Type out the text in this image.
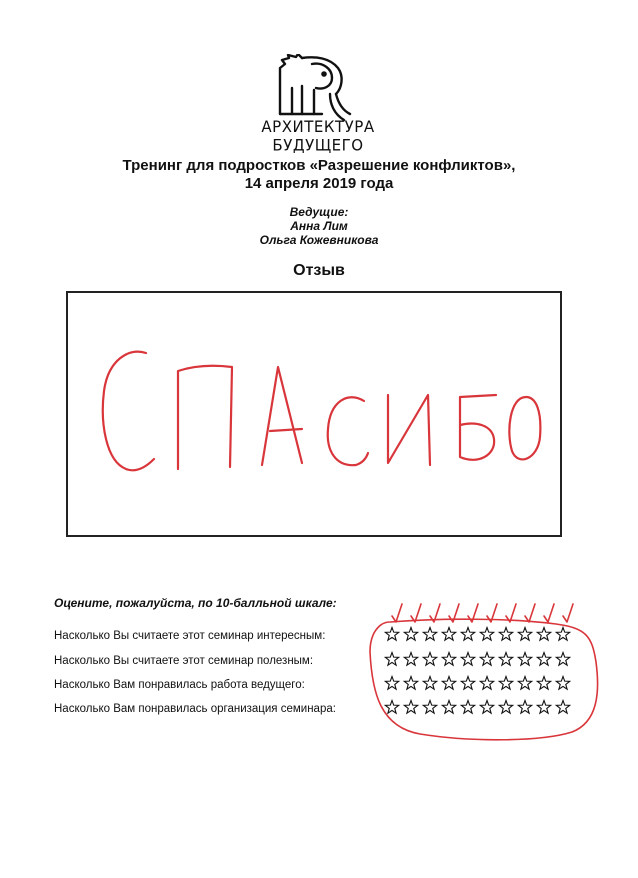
АРХИТЕКТУРА БУДУЩЕГО
Тренинг для подростков «Разрешение конфликтов»,
14 апреля 2019 года
Ведущие:
Анна Лим
Ольга Кожевникова
Отзыв
СПАСИБО
Оцените, пожалуйста, по 10-балльной шкале:
Насколько Вы считаете этот семинар интересным:
Насколько Вы считаете этот семинар полезным:
Насколько Вам понравилась работа ведущего:
Насколько Вам понравилась организация семинара:
